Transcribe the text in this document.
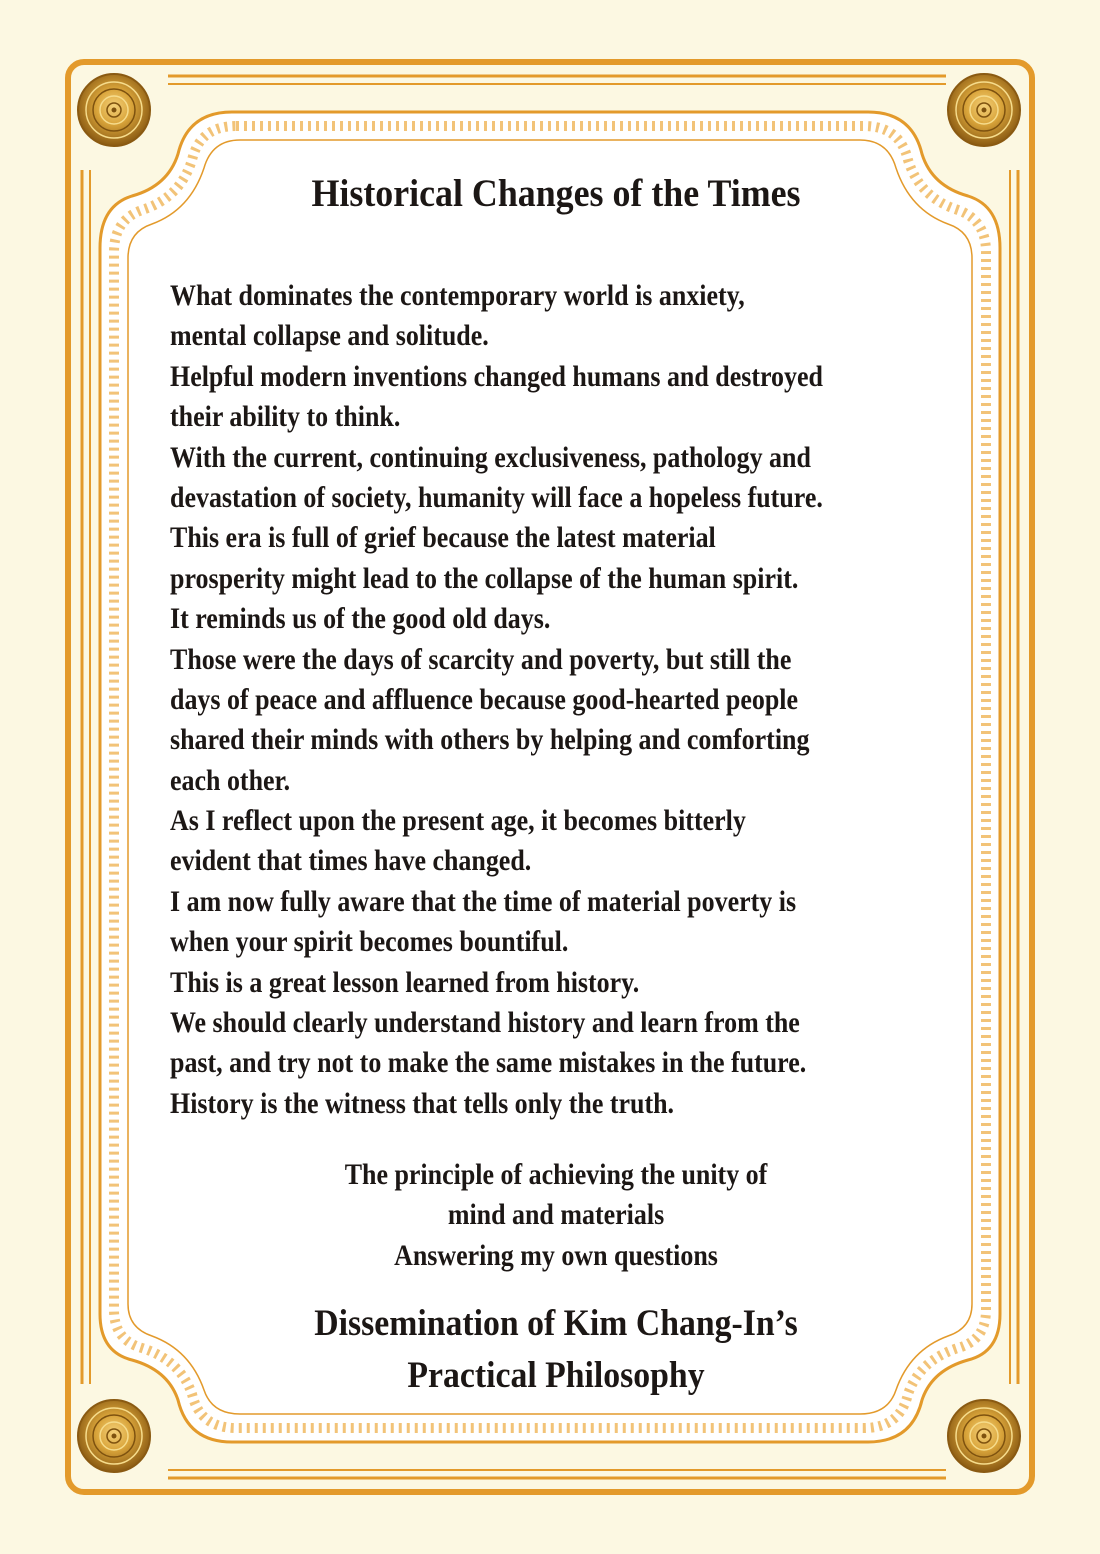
Historical Changes of the Times
What dominates the contemporary world is anxiety,
mental collapse and solitude.
Helpful modern inventions changed humans and destroyed
their ability to think.
With the current, continuing exclusiveness, pathology and
devastation of society, humanity will face a hopeless future.
This era is full of grief because the latest material
prosperity might lead to the collapse of the human spirit.
It reminds us of the good old days.
Those were the days of scarcity and poverty, but still the
days of peace and affluence because good-hearted people
shared their minds with others by helping and comforting
each other.
As I reflect upon the present age, it becomes bitterly
evident that times have changed.
I am now fully aware that the time of material poverty is
when your spirit becomes bountiful.
This is a great lesson learned from history.
We should clearly understand history and learn from the
past, and try not to make the same mistakes in the future.
History is the witness that tells only the truth.
The principle of achieving the unity of
mind and materials
Answering my own questions
Dissemination of Kim Chang-In’s
Practical Philosophy
